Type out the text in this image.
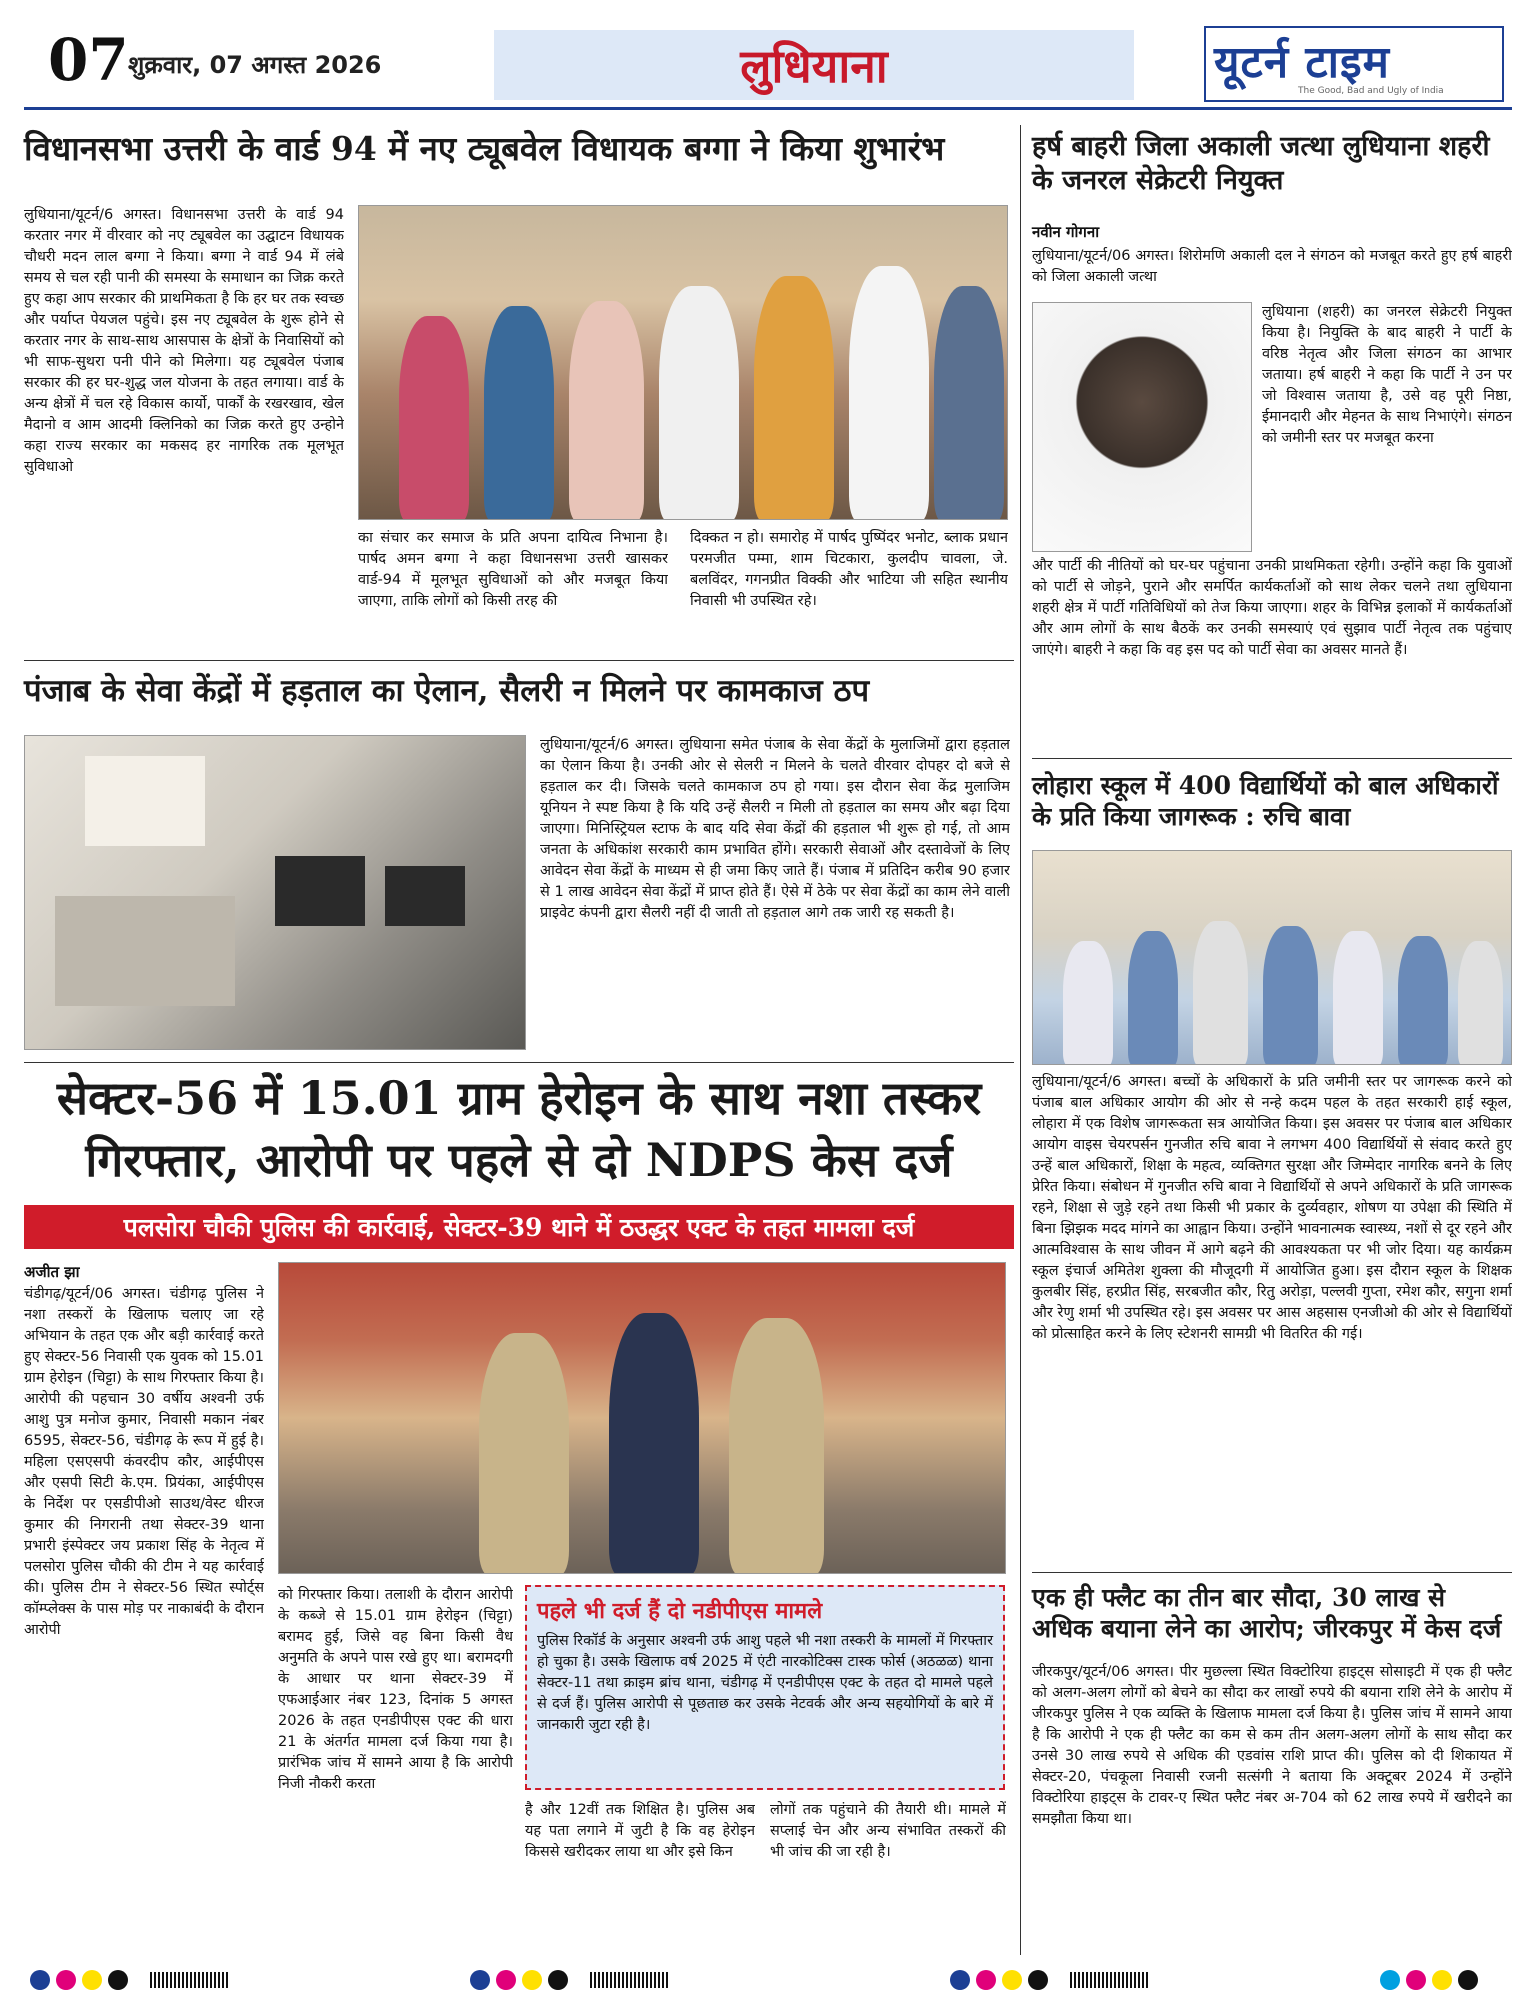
07 शुक्रवार, 07 अगस्त 2026	लुधियाना	यूटर्न टाइम
The Good, Bad and Ugly of India
विधानसभा उत्तरी के वार्ड 94 में नए ट्यूबवेल विधायक बग्गा ने किया शुभारंभ
लुधियाना/यूटर्न/6 अगस्त। विधानसभा उत्तरी के वार्ड 94 करतार नगर में वीरवार को नए ट्यूबवेल का उद्घाटन विधायक चौधरी मदन लाल बग्गा ने किया। बग्गा ने वार्ड 94 में लंबे समय से चल रही पानी की समस्या के समाधान का जिक्र करते हुए कहा आप सरकार की प्राथमिकता है कि हर घर तक स्वच्छ और पर्याप्त पेयजल पहुंचे। इस नए ट्यूबवेल के शुरू होने से करतार नगर के साथ-साथ आसपास के क्षेत्रों के निवासियों को भी साफ-सुथरा पनी पीने को मिलेगा। यह ट्यूबवेल पंजाब सरकार की हर घर-शुद्ध जल योजना के तहत लगाया। वार्ड के अन्य क्षेत्रों में चल रहे विकास कार्यो, पार्कों के रखरखाव, खेल मैदानो व आम आदमी क्लिनिको का जिक्र करते हुए उन्होने कहा राज्य सरकार का मकसद हर नागरिक तक मूलभूत सुविधाओ
का संचार कर समाज के प्रति अपना दायित्व निभाना है। पार्षद अमन बग्गा ने कहा विधानसभा उत्तरी खासकर वार्ड-94 में मूलभूत सुविधाओं को और मजबूत किया जाएगा, ताकि लोगों को किसी तरह की
दिक्कत न हो। समारोह में पार्षद पुष्पिंदर भनोट, ब्लाक प्रधान परमजीत पम्मा, शाम चिटकारा, कुलदीप चावला, जे. बलविंदर, गगनप्रीत विक्की और भाटिया जी सहित स्थानीय निवासी भी उपस्थित रहे।
पंजाब के सेवा केंद्रों में हड़ताल का ऐलान, सैलरी न मिलने पर कामकाज ठप
लुधियाना/यूटर्न/6 अगस्त। लुधियाना समेत पंजाब के सेवा केंद्रों के मुलाजिमों द्वारा हड़ताल का ऐलान किया है। उनकी ओर से सेलरी न मिलने के चलते वीरवार दोपहर दो बजे से हड़ताल कर दी। जिसके चलते कामकाज ठप हो गया। इस दौरान सेवा केंद्र मुलाजिम यूनियन ने स्पष्ट किया है कि यदि उन्हें सैलरी न मिली तो हड़ताल का समय और बढ़ा दिया जाएगा। मिनिस्ट्रियल स्टाफ के बाद यदि सेवा केंद्रों की हड़ताल भी शुरू हो गई, तो आम जनता के अधिकांश सरकारी काम प्रभावित होंगे। सरकारी सेवाओं और दस्तावेजों के लिए आवेदन सेवा केंद्रों के माध्यम से ही जमा किए जाते हैं। पंजाब में प्रतिदिन करीब 90 हजार से 1 लाख आवेदन सेवा केंद्रों में प्राप्त होते हैं। ऐसे में ठेके पर सेवा केंद्रों का काम लेने वाली प्राइवेट कंपनी द्वारा सैलरी नहीं दी जाती तो हड़ताल आगे तक जारी रह सकती है।
सेक्टर-56 में 15.01 ग्राम हेरोइन के साथ नशा तस्कर
गिरफ्तार, आरोपी पर पहले से दो NDPS केस दर्ज
पलसोरा चौकी पुलिस की कार्रवाई, सेक्टर-39 थाने में ठउद्धर एक्ट के तहत मामला दर्ज
अजीत झा
चंडीगढ़/यूटर्न/06 अगस्त। चंडीगढ़ पुलिस ने नशा तस्करों के खिलाफ चलाए जा रहे अभियान के तहत एक और बड़ी कार्रवाई करते हुए सेक्टर-56 निवासी एक युवक को 15.01 ग्राम हेरोइन (चिट्टा) के साथ गिरफ्तार किया है। आरोपी की पहचान 30 वर्षीय अश्वनी उर्फ आशु पुत्र मनोज कुमार, निवासी मकान नंबर 6595, सेक्टर-56, चंडीगढ़ के रूप में हुई है। महिला एसएसपी कंवरदीप कौर, आईपीएस और एसपी सिटी के.एम. प्रियंका, आईपीएस के निर्देश पर एसडीपीओ साउथ/वेस्ट धीरज कुमार की निगरानी तथा सेक्टर-39 थाना प्रभारी इंस्पेक्टर जय प्रकाश सिंह के नेतृत्व में पलसोरा पुलिस चौकी की टीम ने यह कार्रवाई की। पुलिस टीम ने सेक्टर-56 स्थित स्पोर्ट्स कॉम्प्लेक्स के पास मोड़ पर नाकाबंदी के दौरान आरोपी
को गिरफ्तार किया। तलाशी के दौरान आरोपी के कब्जे से 15.01 ग्राम हेरोइन (चिट्टा) बरामद हुई, जिसे वह बिना किसी वैध अनुमति के अपने पास रखे हुए था। बरामदगी के आधार पर थाना सेक्टर-39 में एफआईआर नंबर 123, दिनांक 5 अगस्त 2026 के तहत एनडीपीएस एक्ट की धारा 21 के अंतर्गत मामला दर्ज किया गया है। प्रारंभिक जांच में सामने आया है कि आरोपी निजी नौकरी करता
पहले भी दर्ज हैं दो नडीपीएस मामले
पुलिस रिकॉर्ड के अनुसार अश्वनी उर्फ आशु पहले भी नशा तस्करी के मामलों में गिरफ्तार हो चुका है। उसके खिलाफ वर्ष 2025 में एंटी नारकोटिक्स टास्क फोर्स (अठळळ) थाना सेक्टर-11 तथा क्राइम ब्रांच थाना, चंडीगढ़ में एनडीपीएस एक्ट के तहत दो मामले पहले से दर्ज हैं। पुलिस आरोपी से पूछताछ कर उसके नेटवर्क और अन्य सहयोगियों के बारे में जानकारी जुटा रही है।
है और 12वीं तक शिक्षित है। पुलिस अब यह पता लगाने में जुटी है कि वह हेरोइन किससे खरीदकर लाया था और इसे किन
लोगों तक पहुंचाने की तैयारी थी। मामले में सप्लाई चेन और अन्य संभावित तस्करों की भी जांच की जा रही है।
हर्ष बाहरी जिला अकाली जत्था लुधियाना शहरी के जनरल सेक्रेटरी नियुक्त
नवीन गोगना
लुधियाना/यूटर्न/06 अगस्त। शिरोमणि अकाली दल ने संगठन को मजबूत करते हुए हर्ष बाहरी को जिला अकाली जत्था
लुधियाना (शहरी) का जनरल सेक्रेटरी नियुक्त किया है। नियुक्ति के बाद बाहरी ने पार्टी के वरिष्ठ नेतृत्व और जिला संगठन का आभार जताया। हर्ष बाहरी ने कहा कि पार्टी ने उन पर जो विश्वास जताया है, उसे वह पूरी निष्ठा, ईमानदारी और मेहनत के साथ निभाएंगे। संगठन को जमीनी स्तर पर मजबूत करना
और पार्टी की नीतियों को घर-घर पहुंचाना उनकी प्राथमिकता रहेगी। उन्होंने कहा कि युवाओं को पार्टी से जोड़ने, पुराने और समर्पित कार्यकर्ताओं को साथ लेकर चलने तथा लुधियाना शहरी क्षेत्र में पार्टी गतिविधियों को तेज किया जाएगा। शहर के विभिन्न इलाकों में कार्यकर्ताओं और आम लोगों के साथ बैठकें कर उनकी समस्याएं एवं सुझाव पार्टी नेतृत्व तक पहुंचाए जाएंगे। बाहरी ने कहा कि वह इस पद को पार्टी सेवा का अवसर मानते हैं।
लोहारा स्कूल में 400 विद्यार्थियों को बाल अधिकारों के प्रति किया जागरूक : रुचि बावा
लुधियाना/यूटर्न/6 अगस्त। बच्चों के अधिकारों के प्रति जमीनी स्तर पर जागरूक करने को पंजाब बाल अधिकार आयोग की ओर से नन्हे कदम पहल के तहत सरकारी हाई स्कूल, लोहारा में एक विशेष जागरूकता सत्र आयोजित किया। इस अवसर पर पंजाब बाल अधिकार आयोग वाइस चेयरपर्सन गुनजीत रुचि बावा ने लगभग 400 विद्यार्थियों से संवाद करते हुए उन्हें बाल अधिकारों, शिक्षा के महत्व, व्यक्तिगत सुरक्षा और जिम्मेदार नागरिक बनने के लिए प्रेरित किया। संबोधन में गुनजीत रुचि बावा ने विद्यार्थियों से अपने अधिकारों के प्रति जागरूक रहने, शिक्षा से जुड़े रहने तथा किसी भी प्रकार के दुर्व्यवहार, शोषण या उपेक्षा की स्थिति में बिना झिझक मदद मांगने का आह्वान किया। उन्होंने भावनात्मक स्वास्थ्य, नशों से दूर रहने और आत्मविश्वास के साथ जीवन में आगे बढ़ने की आवश्यकता पर भी जोर दिया। यह कार्यक्रम स्कूल इंचार्ज अमितेश शुक्ला की मौजूदगी में आयोजित हुआ। इस दौरान स्कूल के शिक्षक कुलबीर सिंह, हरप्रीत सिंह, सरबजीत कौर, रितु अरोड़ा, पल्लवी गुप्ता, रमेश कौर, सगुना शर्मा और रेणु शर्मा भी उपस्थित रहे। इस अवसर पर आस अहसास एनजीओ की ओर से विद्यार्थियों को प्रोत्साहित करने के लिए स्टेशनरी सामग्री भी वितरित की गई।
एक ही फ्लैट का तीन बार सौदा, 30 लाख से अधिक बयाना लेने का आरोप; जीरकपुर में केस दर्ज
जीरकपुर/यूटर्न/06 अगस्त। पीर मुछल्ला स्थित विक्टोरिया हाइट्स सोसाइटी में एक ही फ्लैट को अलग-अलग लोगों को बेचने का सौदा कर लाखों रुपये की बयाना राशि लेने के आरोप में जीरकपुर पुलिस ने एक व्यक्ति के खिलाफ मामला दर्ज किया है। पुलिस जांच में सामने आया है कि आरोपी ने एक ही फ्लैट का कम से कम तीन अलग-अलग लोगों के साथ सौदा कर उनसे 30 लाख रुपये से अधिक की एडवांस राशि प्राप्त की। पुलिस को दी शिकायत में सेक्टर-20, पंचकूला निवासी रजनी सत्संगी ने बताया कि अक्टूबर 2024 में उन्होंने विक्टोरिया हाइट्स के टावर-ए स्थित फ्लैट नंबर अ-704 को 62 लाख रुपये में खरीदने का समझौता किया था।
